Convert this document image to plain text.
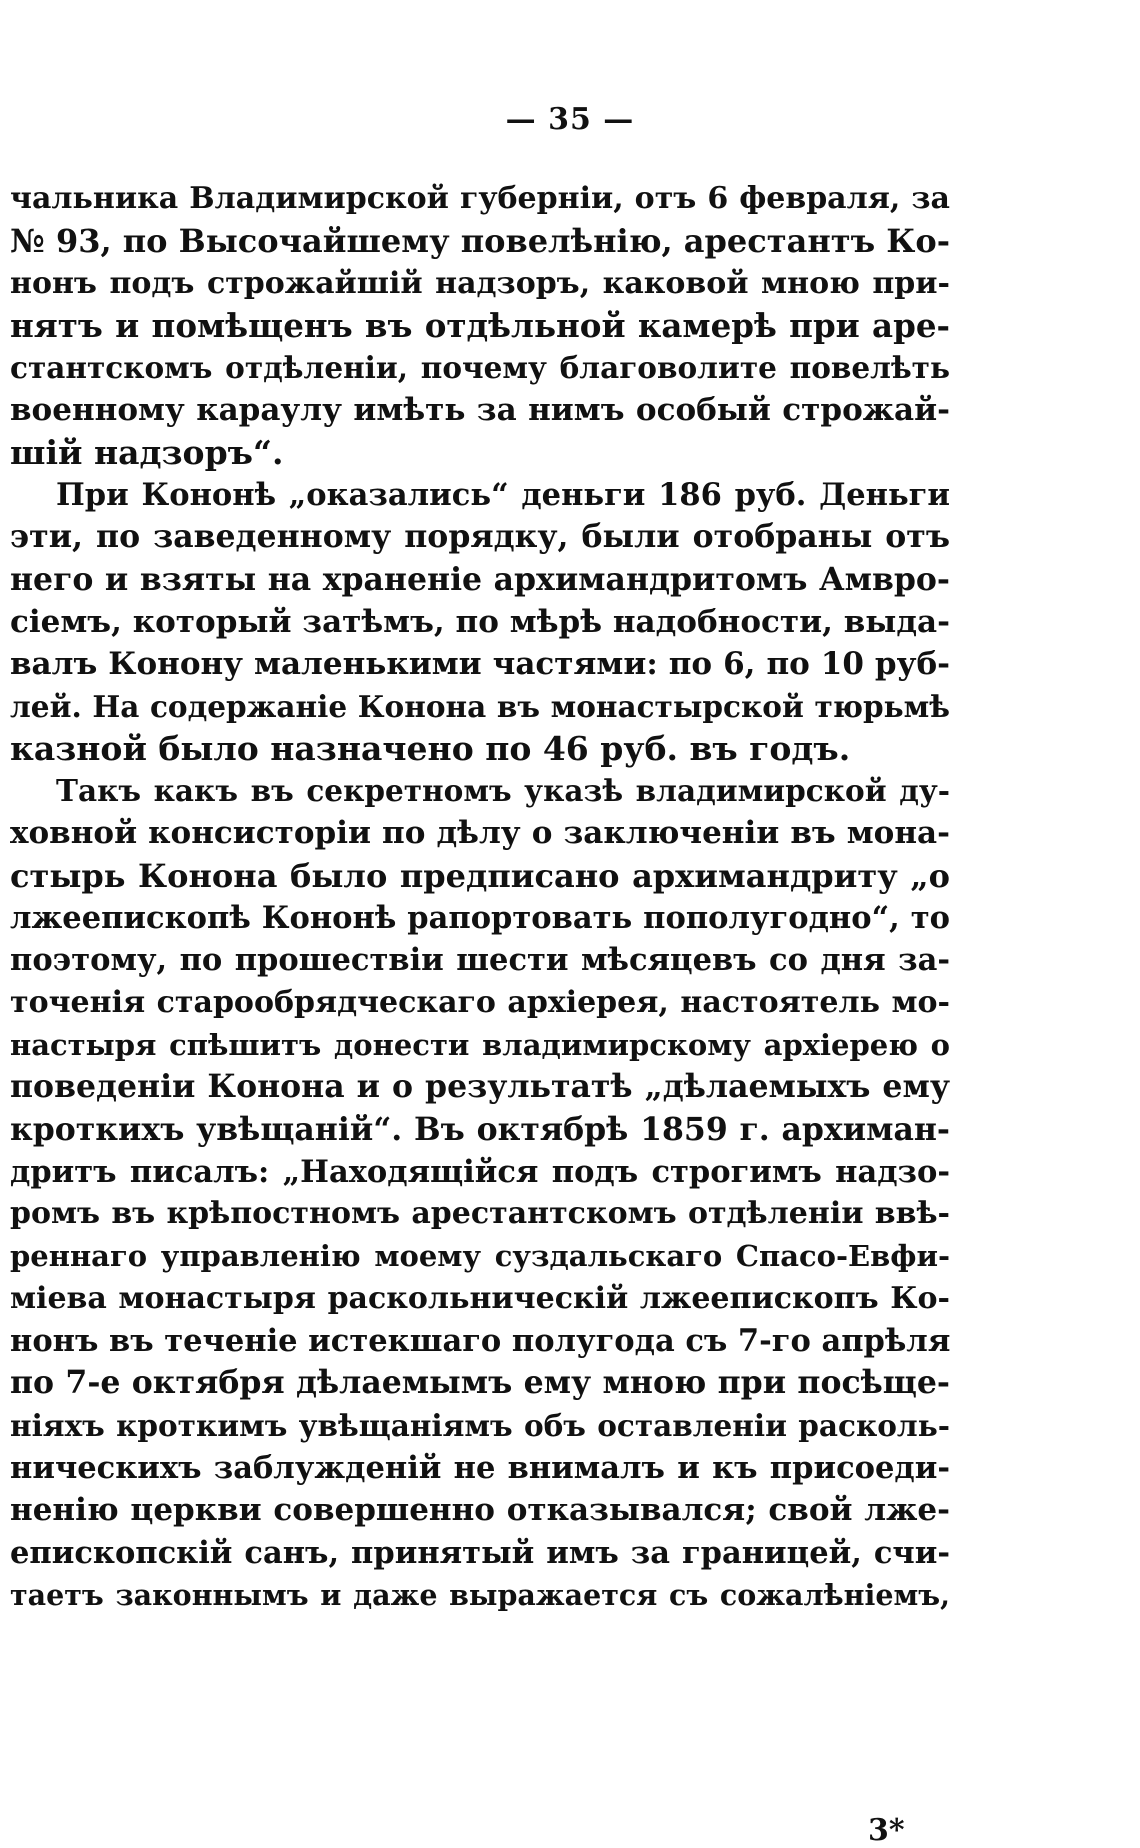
— 35 —
чальника Владимирской губерніи, отъ 6 февраля, за
№ 93, по Высочайшему повелѣнію, арестантъ Ко-
нонъ подъ строжайшій надзоръ, каковой мною при-
нятъ и помѣщенъ въ отдѣльной камерѣ при аре-
стантскомъ отдѣленіи, почему благоволите повелѣть
военному караулу имѣть за нимъ особый строжай-
шій надзоръ“.
При Кононѣ „оказались“ деньги 186 руб. Деньги
эти, по заведенному порядку, были отобраны отъ
него и взяты на храненіе архимандритомъ Амвро-
сіемъ, который затѣмъ, по мѣрѣ надобности, выда-
валъ Конону маленькими частями: по 6, по 10 руб-
лей. На содержаніе Конона въ монастырской тюрьмѣ
казной было назначено по 46 руб. въ годъ.
Такъ какъ въ секретномъ указѣ владимирской ду-
ховной консисторіи по дѣлу о заключеніи въ мона-
стырь Конона было предписано архимандриту „о
лжеепископѣ Кононѣ рапортовать пополугодно“, то
поэтому, по прошествіи шести мѣсяцевъ со дня за-
точенія старообрядческаго архіерея, настоятель мо-
настыря спѣшитъ донести владимирскому архіерею о
поведеніи Конона и о результатѣ „дѣлаемыхъ ему
кроткихъ увѣщаній“. Въ октябрѣ 1859 г. архиман-
дритъ писалъ: „Находящійся подъ строгимъ надзо-
ромъ въ крѣпостномъ арестантскомъ отдѣленіи ввѣ-
реннаго управленію моему суздальскаго Спасо-Евфи-
міева монастыря раскольническій лжеепископъ Ко-
нонъ въ теченіе истекшаго полугода съ 7-го апрѣля
по 7-е октября дѣлаемымъ ему мною при посѣще-
ніяхъ кроткимъ увѣщаніямъ объ оставленіи расколь-
ническихъ заблужденій не внималъ и къ присоеди-
ненію церкви совершенно отказывался; свой лже-
епископскій санъ, принятый имъ за границей, счи-
таетъ законнымъ и даже выражается съ сожалѣніемъ,
3*
